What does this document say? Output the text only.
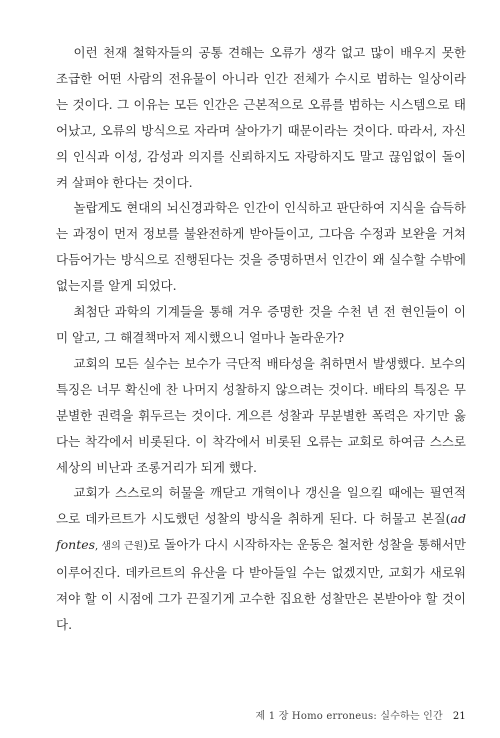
이런 천재 철학자들의 공통 견해는 오류가 생각 없고 많이 배우지 못한 조급한 어떤 사람의 전유물이 아니라 인간 전체가 수시로 범하는 일상이라는 것이다. 그 이유는 모든 인간은 근본적으로 오류를 범하는 시스템으로 태어났고, 오류의 방식으로 자라며 살아가기 때문이라는 것이다. 따라서, 자신의 인식과 이성, 감성과 의지를 신뢰하지도 자랑하지도 말고 끊임없이 돌이켜 살펴야 한다는 것이다.

놀랍게도 현대의 뇌신경과학은 인간이 인식하고 판단하여 지식을 습득하는 과정이 먼저 정보를 불완전하게 받아들이고, 그다음 수정과 보완을 거쳐 다듬어가는 방식으로 진행된다는 것을 증명하면서 인간이 왜 실수할 수밖에 없는지를 알게 되었다.

최첨단 과학의 기계들을 통해 겨우 증명한 것을 수천 년 전 현인들이 이미 알고, 그 해결책마저 제시했으니 얼마나 놀라운가?

교회의 모든 실수는 보수가 극단적 배타성을 취하면서 발생했다. 보수의 특징은 너무 확신에 찬 나머지 성찰하지 않으려는 것이다. 배타의 특징은 무분별한 권력을 휘두르는 것이다. 게으른 성찰과 무분별한 폭력은 자기만 옳다는 착각에서 비롯된다. 이 착각에서 비롯된 오류는 교회로 하여금 스스로 세상의 비난과 조롱거리가 되게 했다.

교회가 스스로의 허물을 깨닫고 개혁이나 갱신을 일으킬 때에는 필연적으로 데카르트가 시도했던 성찰의 방식을 취하게 된다. 다 허물고 본질(ad fontes, 샘의 근원)로 돌아가 다시 시작하자는 운동은 철저한 성찰을 통해서만 이루어진다. 데카르트의 유산을 다 받아들일 수는 없겠지만, 교회가 새로워져야 할 이 시점에 그가 끈질기게 고수한 집요한 성찰만은 본받아야 할 것이다.

제 1 장 Homo erroneus: 실수하는 인간 21
